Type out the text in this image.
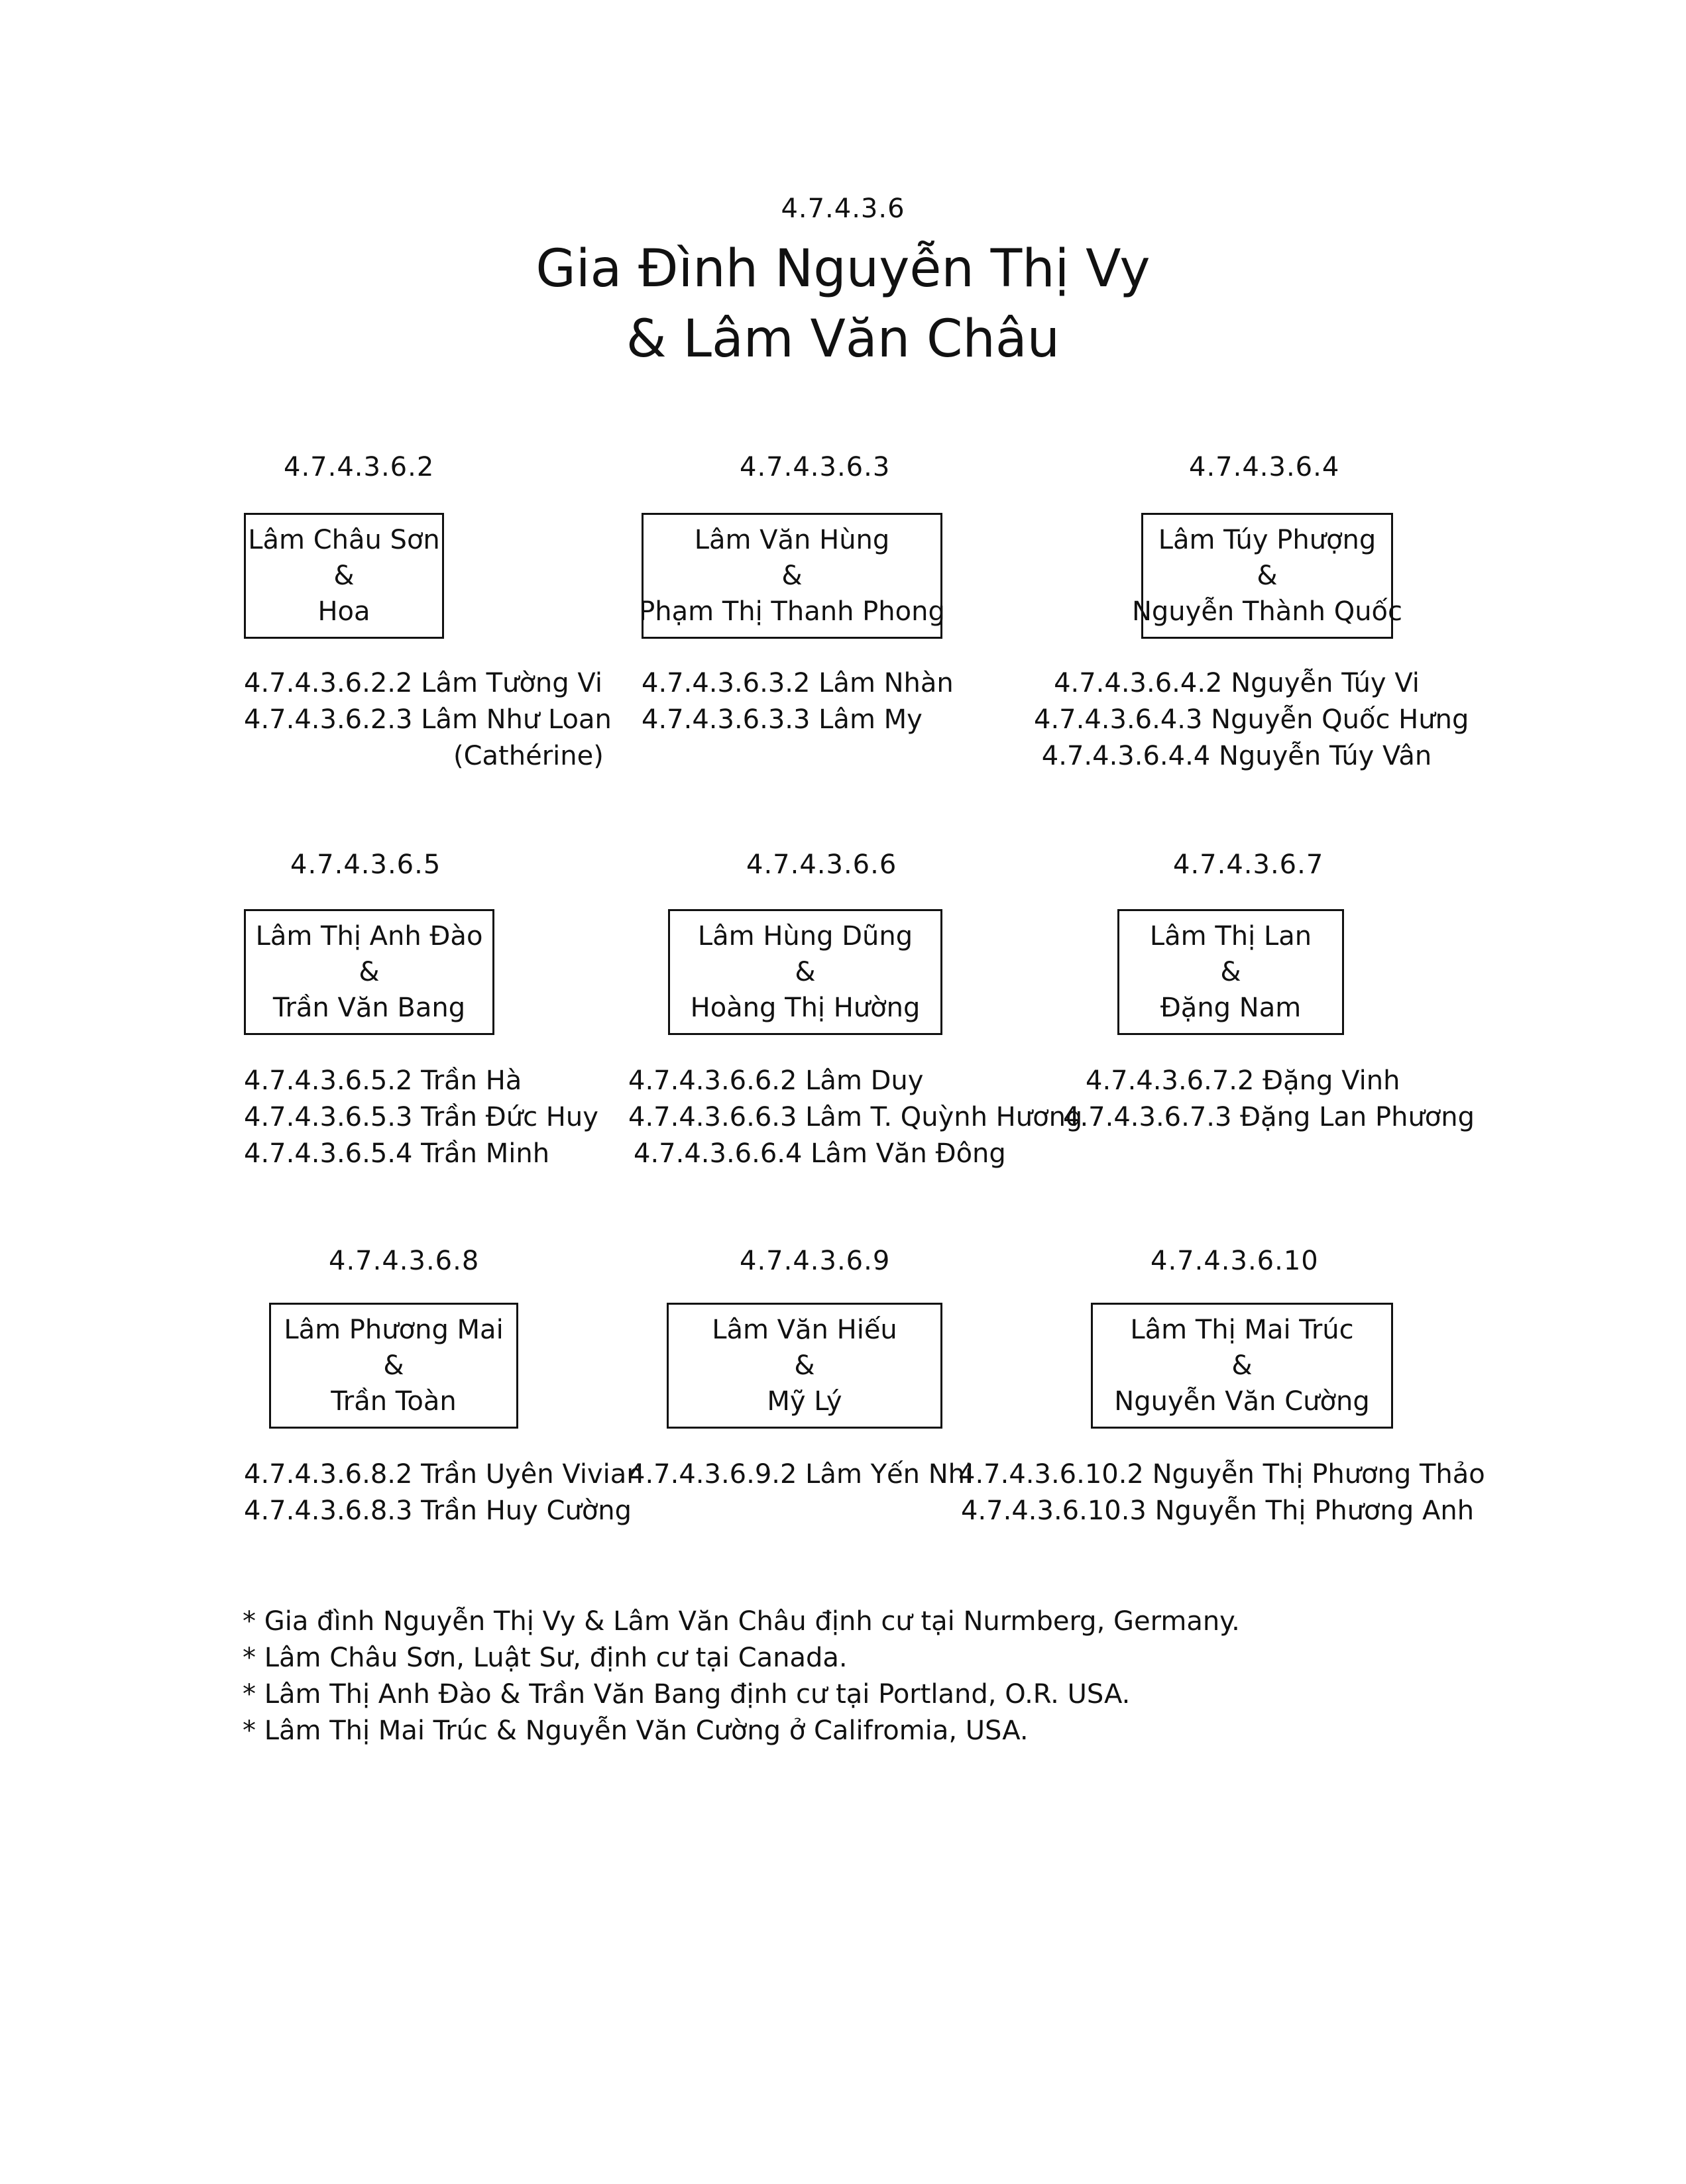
4.7.4.3.6
Gia Đình Nguyễn Thị Vy
& Lâm Văn Châu
4.7.4.3.6.2
Lâm Châu Sơn
&
Hoa
4.7.4.3.6.2.2 Lâm Tường Vi
4.7.4.3.6.2.3 Lâm Như Loan
(Cathérine)
4.7.4.3.6.3
Lâm Văn Hùng
&
Phạm Thị Thanh Phong
4.7.4.3.6.3.2 Lâm Nhàn
4.7.4.3.6.3.3 Lâm My
4.7.4.3.6.4
Lâm Túy Phượng
&
Nguyễn Thành Quốc
4.7.4.3.6.4.2 Nguyễn Túy Vi
4.7.4.3.6.4.3 Nguyễn Quốc Hưng
4.7.4.3.6.4.4 Nguyễn Túy Vân
4.7.4.3.6.5
Lâm Thị Anh Đào
&
Trần Văn Bang
4.7.4.3.6.5.2 Trần Hà
4.7.4.3.6.5.3 Trần Đức Huy
4.7.4.3.6.5.4 Trần Minh
4.7.4.3.6.6
Lâm Hùng Dũng
&
Hoàng Thị Hường
4.7.4.3.6.6.2 Lâm Duy
4.7.4.3.6.6.3 Lâm T. Quỳnh Hương
4.7.4.3.6.6.4 Lâm Văn Đông
4.7.4.3.6.7
Lâm Thị Lan
&
Đặng Nam
4.7.4.3.6.7.2 Đặng Vinh
4.7.4.3.6.7.3 Đặng Lan Phương
4.7.4.3.6.8
Lâm Phương Mai
&
Trần Toàn
4.7.4.3.6.8.2 Trần Uyên Vivian
4.7.4.3.6.8.3 Trần Huy Cường
4.7.4.3.6.9
Lâm Văn Hiếu
&
Mỹ Lý
4.7.4.3.6.9.2 Lâm Yến Nhi
4.7.4.3.6.10
Lâm Thị Mai Trúc
&
Nguyễn Văn Cường
4.7.4.3.6.10.2 Nguyễn Thị Phương Thảo
4.7.4.3.6.10.3 Nguyễn Thị Phương Anh
* Gia đình Nguyễn Thị Vy & Lâm Văn Châu định cư tại Nurmberg, Germany.
* Lâm Châu Sơn, Luật Sư, định cư tại Canada.
* Lâm Thị Anh Đào & Trần Văn Bang định cư tại Portland, O.R. USA.
* Lâm Thị Mai Trúc & Nguyễn Văn Cường ở Califromia, USA.
